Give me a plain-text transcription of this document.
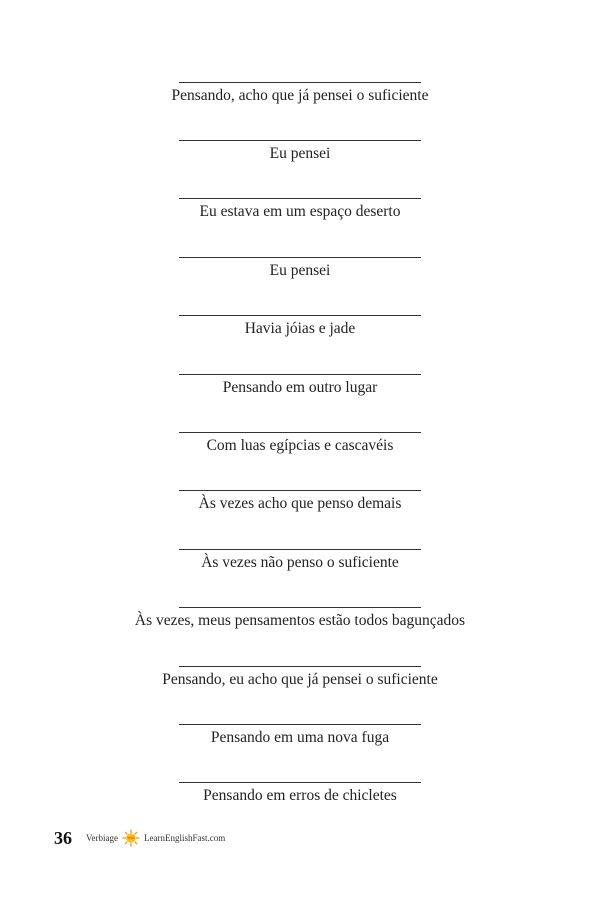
Pensando, acho que já pensei o suficiente
Eu pensei
Eu estava em um espaço deserto
Eu pensei
Havia jóias e jade
Pensando em outro lugar
Com luas egípcias e cascavéis
Às vezes acho que penso demais
Às vezes não penso o suficiente
Às vezes, meus pensamentos estão todos bagunçados
Pensando, eu acho que já pensei o suficiente
Pensando em uma nova fuga
Pensando em erros de chicletes
36 Verbiage	LearnEnglishFast.com
